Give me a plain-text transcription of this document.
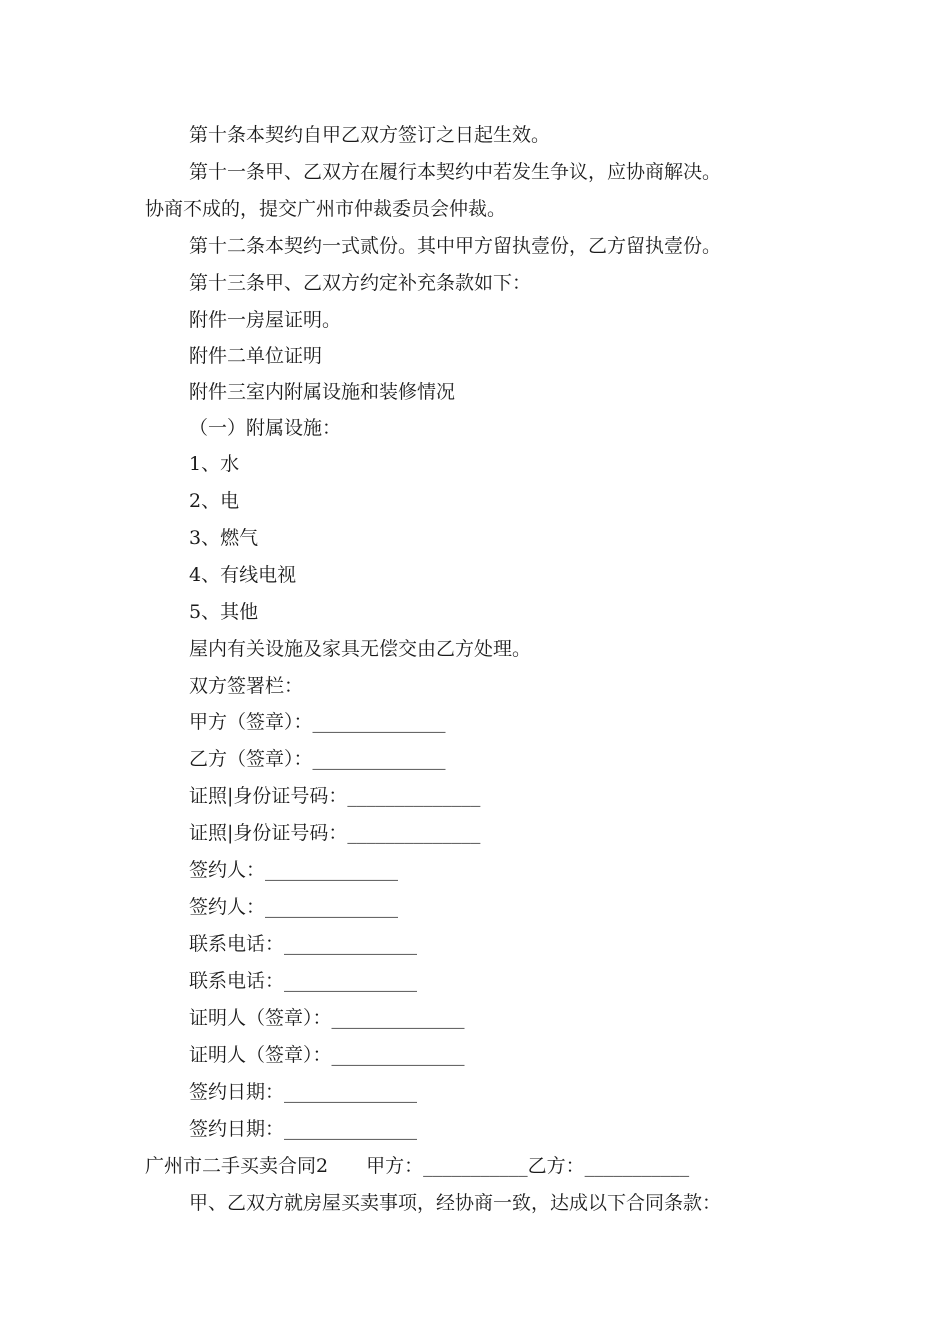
第十条本契约自甲乙双方签订之日起生效。
第十一条甲、乙双方在履行本契约中若发生争议，应协商解决。
协商不成的，提交广州市仲裁委员会仲裁。
第十二条本契约一式贰份。其中甲方留执壹份，乙方留执壹份。
第十三条甲、乙双方约定补充条款如下：
附件一房屋证明。
附件二单位证明
附件三室内附属设施和装修情况
（一）附属设施：
1、水
2、电
3、燃气
4、有线电视
5、其他
屋内有关设施及家具无偿交由乙方处理。
双方签署栏：
甲方（签章）：______________
乙方（签章）：______________
证照|身份证号码：______________
证照|身份证号码：______________
签约人：______________
签约人：______________
联系电话：______________
联系电话：______________
证明人（签章）：______________
证明人（签章）：______________
签约日期：______________
签约日期：______________
广州市二手买卖合同2　　甲方：___________乙方：___________
甲、乙双方就房屋买卖事项，经协商一致，达成以下合同条款：
